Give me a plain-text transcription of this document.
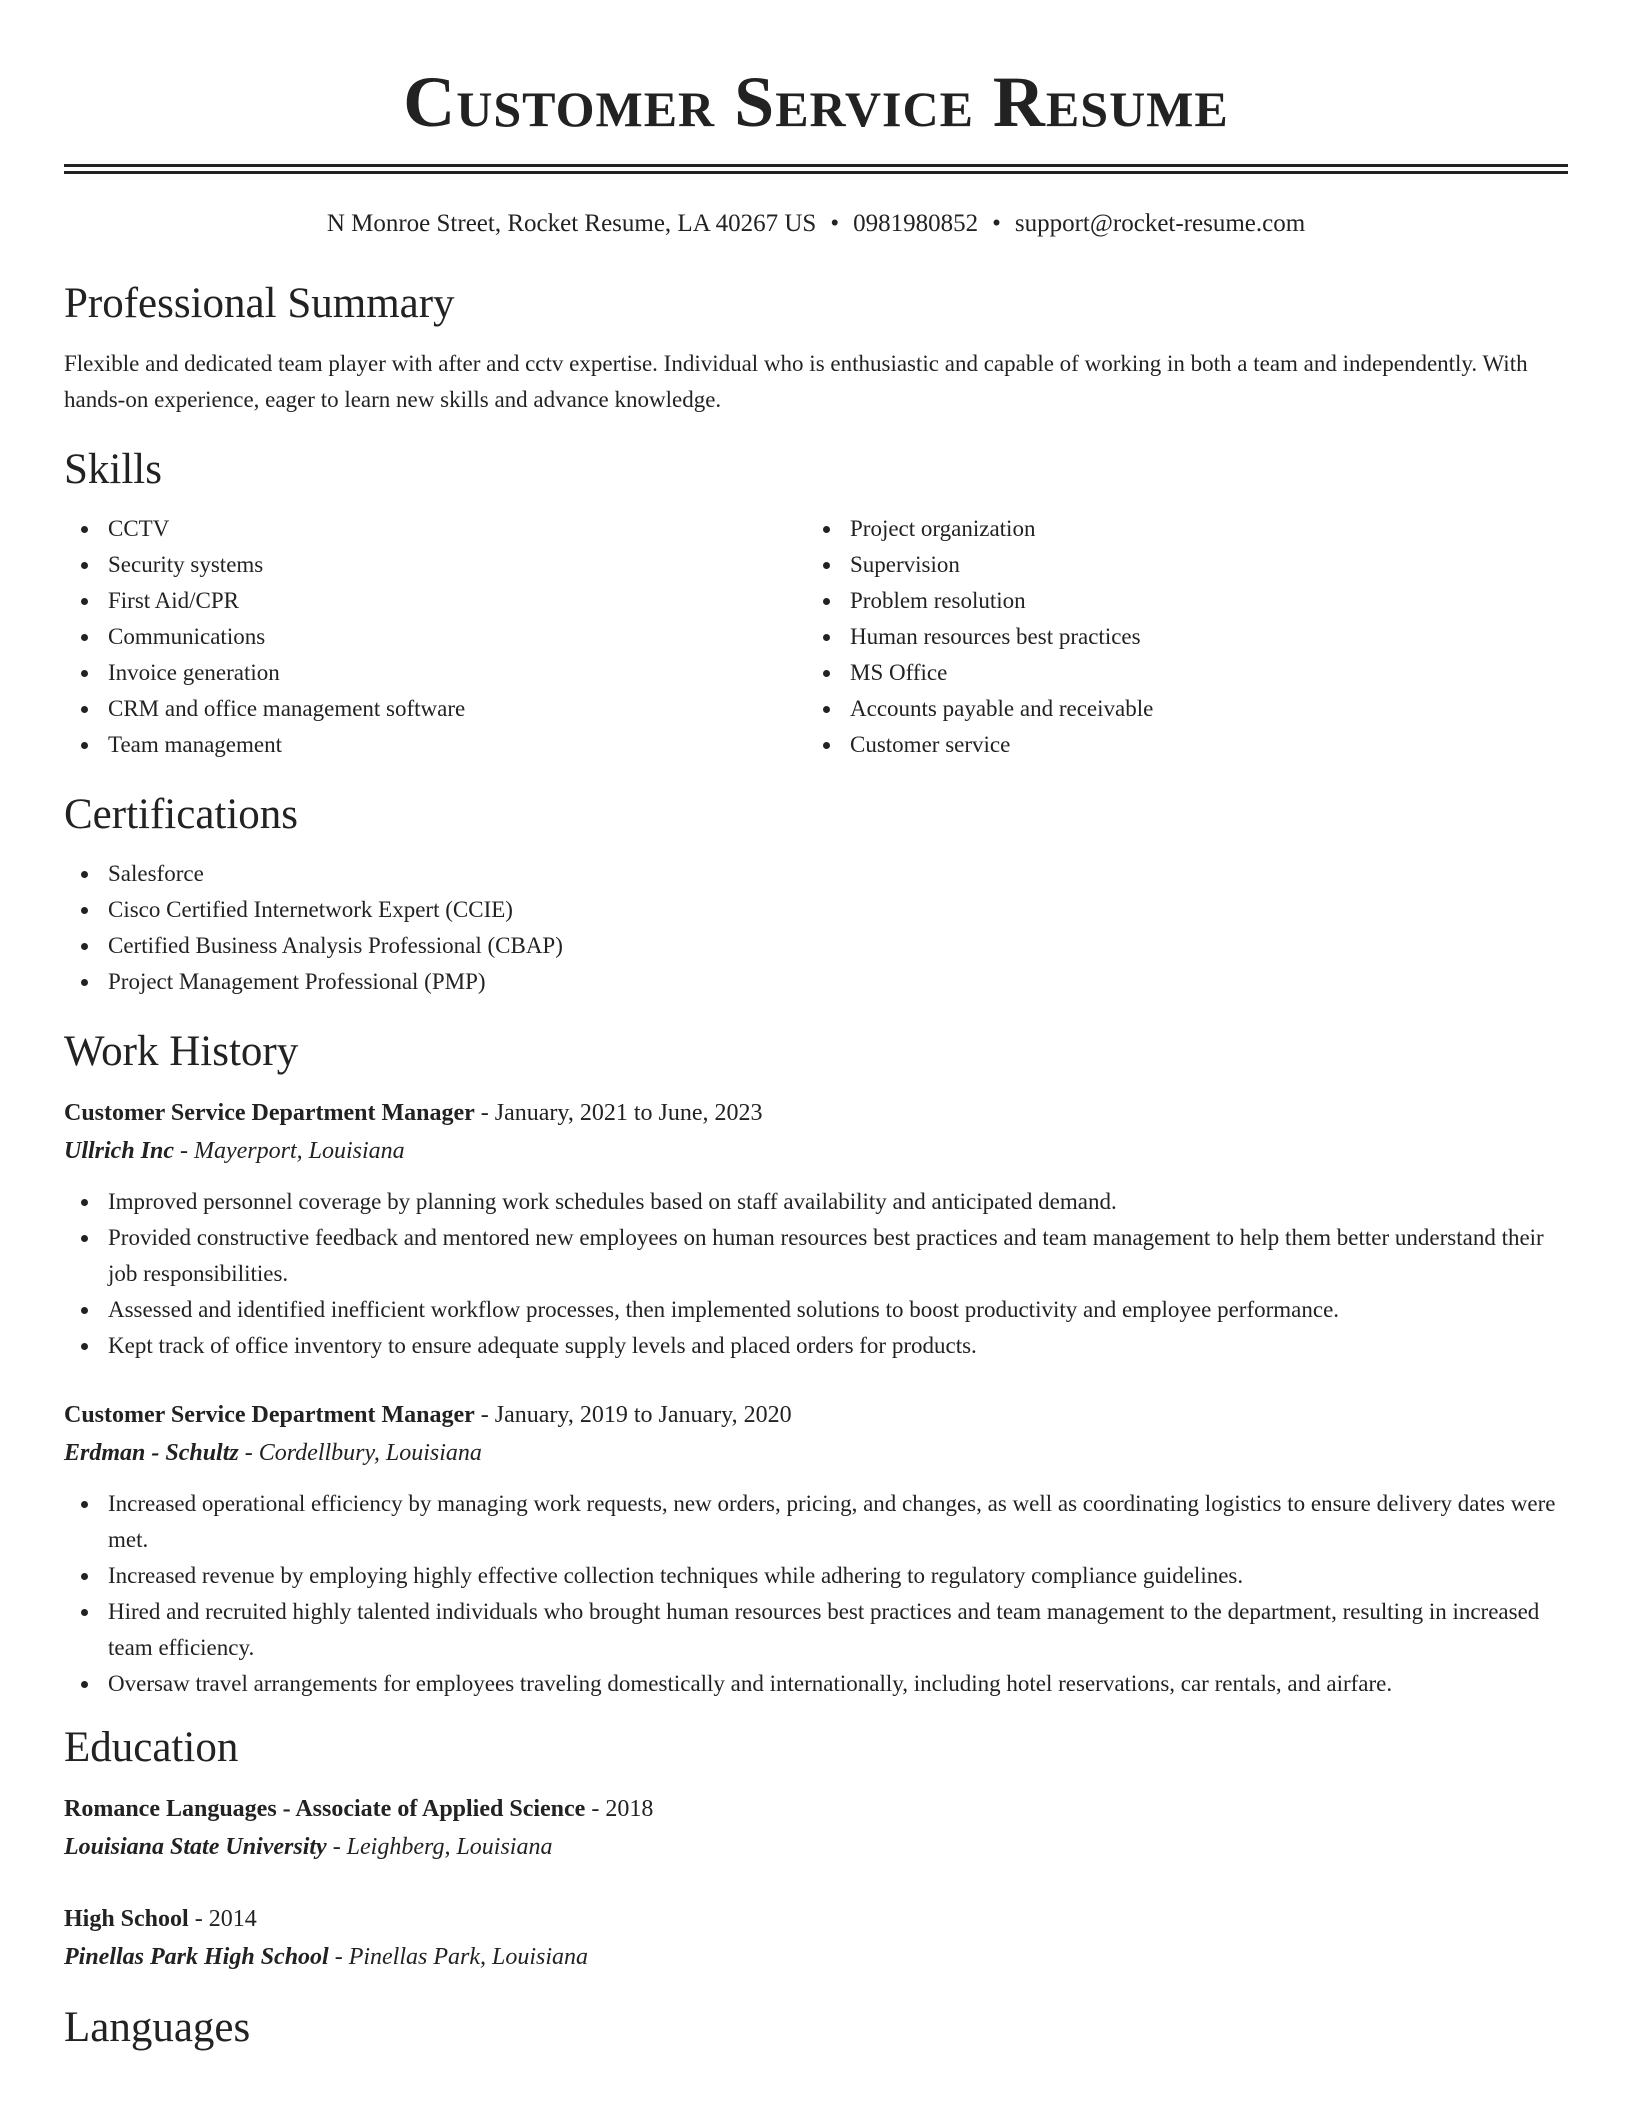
Customer Service Resume
N Monroe Street, Rocket Resume, LA 40267 US • 0981980852 • support@rocket-resume.com
Professional Summary

Flexible and dedicated team player with after and cctv expertise. Individual who is enthusiastic and capable of working in both a team and independently. With hands-on experience, eager to learn new skills and advance knowledge.

Skills
CCTV
Security systems
First Aid/CPR
Communications
Invoice generation
CRM and office management software
Team management
Project organization
Supervision
Problem resolution
Human resources best practices
MS Office
Accounts payable and receivable
Customer service
Certifications
Salesforce
Cisco Certified Internetwork Expert (CCIE)
Certified Business Analysis Professional (CBAP)
Project Management Professional (PMP)
Work History
Customer Service Department Manager - January, 2021 to June, 2023
Ullrich Inc - Mayerport, Louisiana
Improved personnel coverage by planning work schedules based on staff availability and anticipated demand.
Provided constructive feedback and mentored new employees on human resources best practices and team management to help them better understand their job responsibilities.
Assessed and identified inefficient workflow processes, then implemented solutions to boost productivity and employee performance.
Kept track of office inventory to ensure adequate supply levels and placed orders for products.
Customer Service Department Manager - January, 2019 to January, 2020
Erdman - Schultz - Cordellbury, Louisiana
Increased operational efficiency by managing work requests, new orders, pricing, and changes, as well as coordinating logistics to ensure delivery dates were met.
Increased revenue by employing highly effective collection techniques while adhering to regulatory compliance guidelines.
Hired and recruited highly talented individuals who brought human resources best practices and team management to the department, resulting in increased team efficiency.
Oversaw travel arrangements for employees traveling domestically and internationally, including hotel reservations, car rentals, and airfare.
Education
Romance Languages - Associate of Applied Science - 2018
Louisiana State University - Leighberg, Louisiana
High School - 2014
Pinellas Park High School - Pinellas Park, Louisiana
Languages
